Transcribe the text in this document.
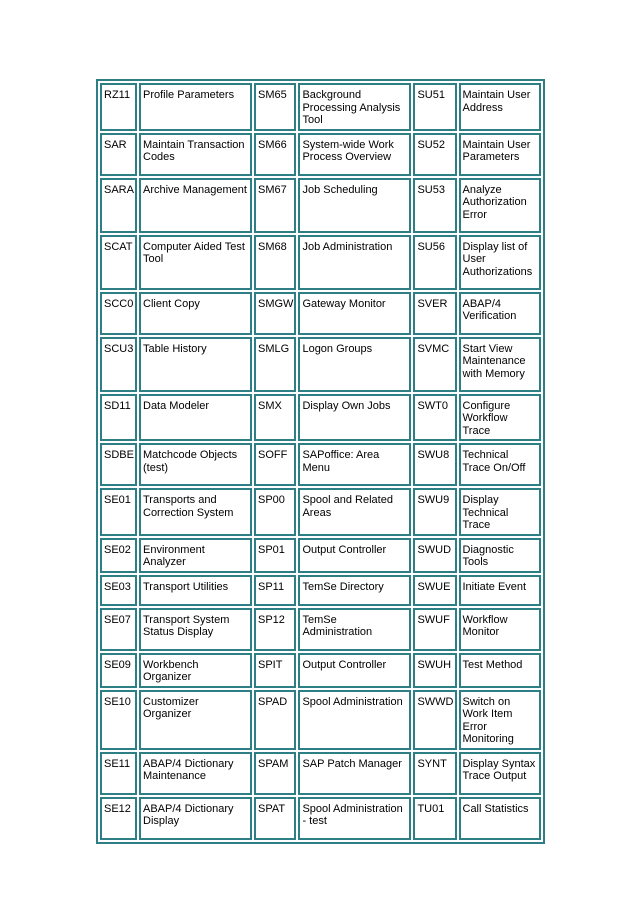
RZ11	Profile Parameters	SM65	Background Processing Analysis Tool	SU51	Maintain User Address
SAR	Maintain Transaction Codes	SM66	System-wide Work Process Overview	SU52	Maintain User Parameters
SARA	Archive Management	SM67	Job Scheduling	SU53	Analyze Authorization Error
SCAT	Computer Aided Test Tool	SM68	Job Administration	SU56	Display list of User Authorizations
SCC0	Client Copy	SMGW	Gateway Monitor	SVER	ABAP/4 Verification
SCU3	Table History	SMLG	Logon Groups	SVMC	Start View Maintenance with Memory
SD11	Data Modeler	SMX	Display Own Jobs	SWT0	Configure Workflow Trace
SDBE	Matchcode Objects (test)	SOFF	SAPoffice: Area Menu	SWU8	Technical Trace On/Off
SE01	Transports and Correction System	SP00	Spool and Related Areas	SWU9	Display Technical Trace
SE02	Environment Analyzer	SP01	Output Controller	SWUD	Diagnostic Tools
SE03	Transport Utilities	SP11	TemSe Directory	SWUE	Initiate Event
SE07	Transport System Status Display	SP12	TemSe Administration	SWUF	Workflow Monitor
SE09	Workbench Organizer	SPIT	Output Controller	SWUH	Test Method
SE10	Customizer Organizer	SPAD	Spool Administration	SWWD	Switch on Work Item Error Monitoring
SE11	ABAP/4 Dictionary Maintenance	SPAM	SAP Patch Manager	SYNT	Display Syntax Trace Output
SE12	ABAP/4 Dictionary Display	SPAT	Spool Administration - test	TU01	Call Statistics
